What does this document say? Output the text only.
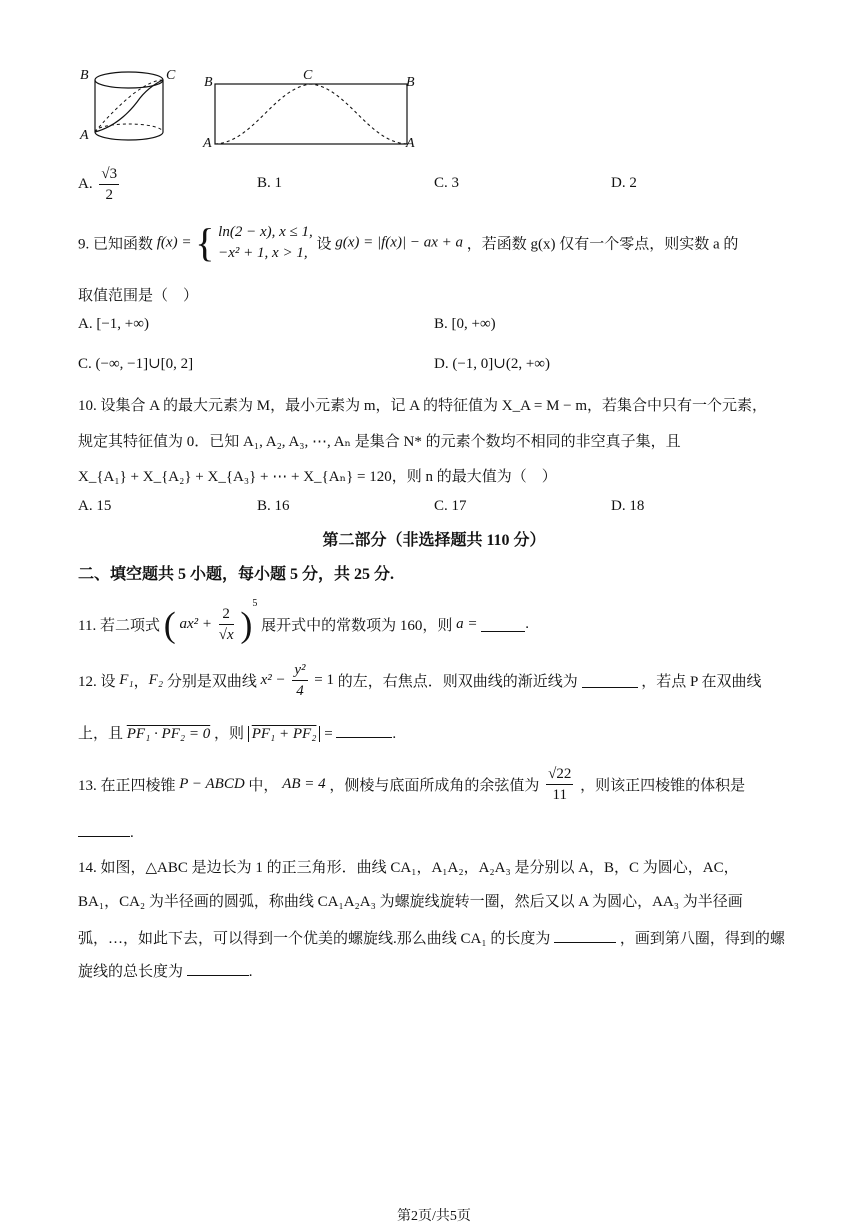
B	C
A
B	C	B
A	A
A. $\frac{√3}{2}$	B. 1	C. 3	D. 2
9. 已知函数 f(x) = { ln(2 − x), x ≤ 1,
−x² + 1, x > 1,
设 g(x) = |f(x)| − ax + a ，若函数 g(x) 仅有一个零点，则实数 a 的
取值范围是（　）
A. [−1, +∞)	B. [0, +∞)
C. (−∞, −1]∪[0, 2]	D. (−1, 0]∪(2, +∞)
10. 设集合 A 的最大元素为 M，最小元素为 m，记 A 的特征值为 X_A = M − m，若集合中只有一个元素，
规定其特征值为 0．已知 A₁, A₂, A₃, ⋯, Aₙ 是集合 N* 的元素个数均不相同的非空真子集，且
X_{A₁} + X_{A₂} + X_{A₃} + ⋯ + X_{Aₙ} = 120，则 n 的最大值为（　）
A. 15	B. 16	C. 17	D. 18
第二部分（非选择题共 110 分）
二、填空题共 5 小题，每小题 5 分，共 25 分.
11. 若二项式 ( $ax^2 + \frac{2}{√x} )^5$ 展开式中的常数项为 160，则 a =	.
12. 设 F₁，F₂ 分别是双曲线 $x^2 - \frac{\text{y²}}{4} = 1$ 的左，右焦点．则双曲线的渐近线为	，若点 P 在双曲线
上，且 PF₁ · PF₂ = 0 ，则 PF₁ + PF₂ =	.
13. 在正四棱锥 P − ABCD 中， AB = 4 ，侧棱与底面所成角的余弦值为 $\frac{√22}{11}$ ，则该正四棱锥的体积是
.
14. 如图，△ABC 是边长为 1 的正三角形．曲线 CA₁，A₁A₂，A₂A₃ 是分别以 A，B，C 为圆心，AC，
BA₁，CA₂ 为半径画的圆弧，称曲线 CA₁A₂A₃ 为螺旋线旋转一圈，然后又以 A 为圆心，AA₃ 为半径画
弧，…，如此下去，可以得到一个优美的螺旋线.那么曲线 CA₁ 的长度为	，画到第八圈，得到的螺
旋线的总长度为	.
第2页/共5页
